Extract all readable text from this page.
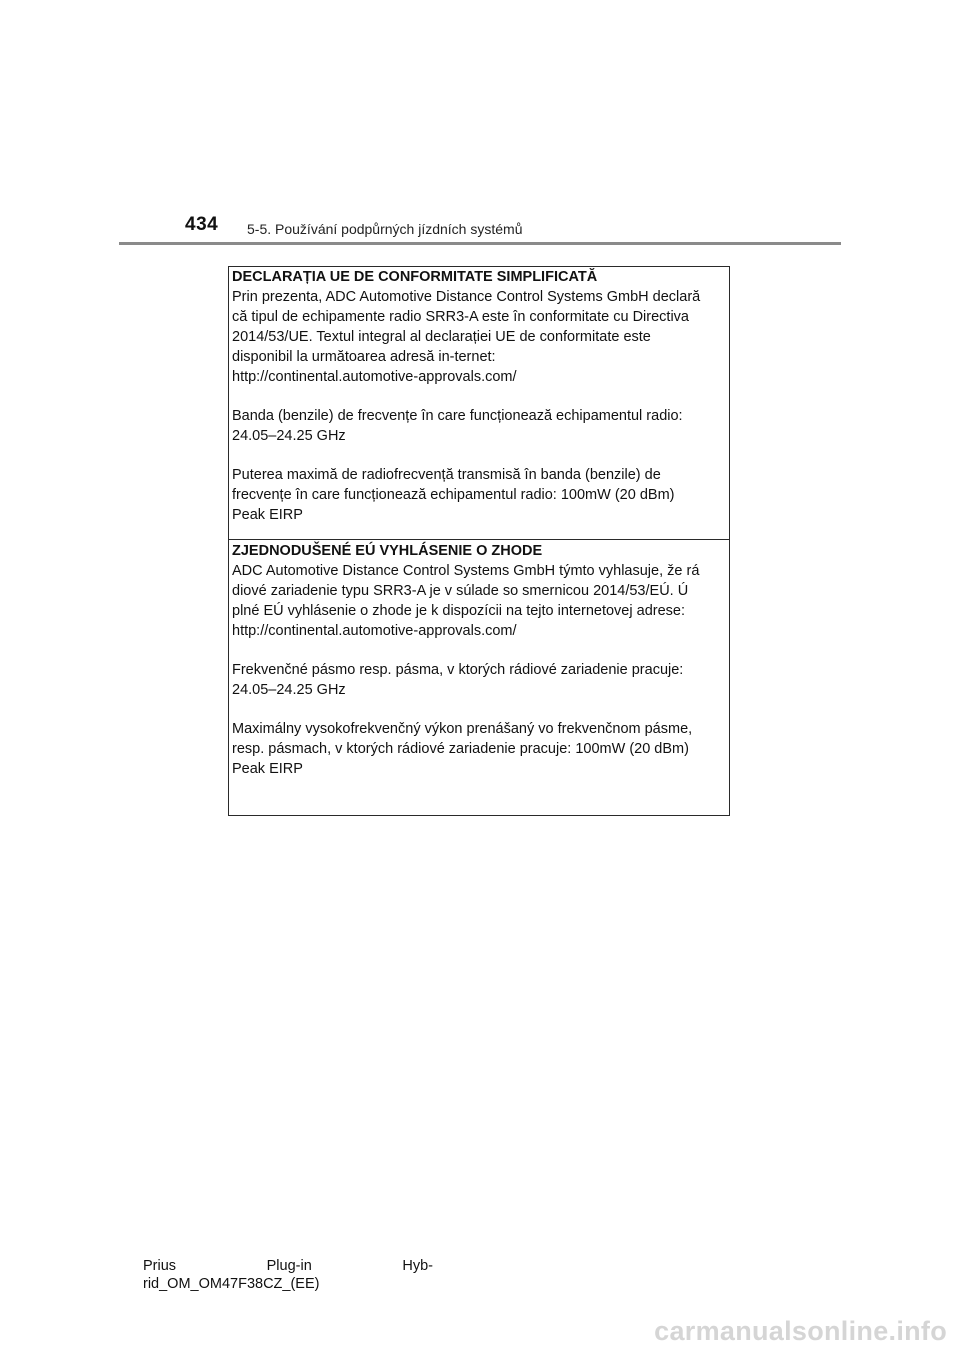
434 5-5. Používání podpůrných jízdních systémů
DECLARAȚIA UE DE CONFORMITATE SIMPLIFICATĂ

Prin prezenta, ADC Automotive Distance Control Systems GmbH declară
că tipul de echipamente radio SRR3-A este în conformitate cu Directiva
2014/53/UE. Textul integral al declarației UE de conformitate este
disponibil la următoarea adresă in-ternet:
http://continental.automotive-approvals.com/

Banda (benzile) de frecvențe în care funcționează echipamentul radio:
24.05–24.25 GHz

Puterea maximă de radiofrecvență transmisă în banda (benzile) de
frecvențe în care funcționează echipamentul radio: 100mW (20 dBm)
Peak EIRP

ZJEDNODUŠENÉ EÚ VYHLÁSENIE O ZHODE

ADC Automotive Distance Control Systems GmbH týmto vyhlasuje, že rá
diové zariadenie typu SRR3-A je v súlade so smernicou 2014/53/EÚ. Ú
plné EÚ vyhlásenie o zhode je k dispozícii na tejto internetovej adrese:
http://continental.automotive-approvals.com/

Frekvenčné pásmo resp. pásma, v ktorých rádiové zariadenie pracuje:
24.05–24.25 GHz

Maximálny vysokofrekvenčný výkon prenášaný vo frekvenčnom pásme,
resp. pásmach, v ktorých rádiové zariadenie pracuje: 100mW (20 dBm)
Peak EIRP

Prius	Plug-in	Hyb-
rid_OM_OM47F38CZ_(EE)
carmanualsonline.info
